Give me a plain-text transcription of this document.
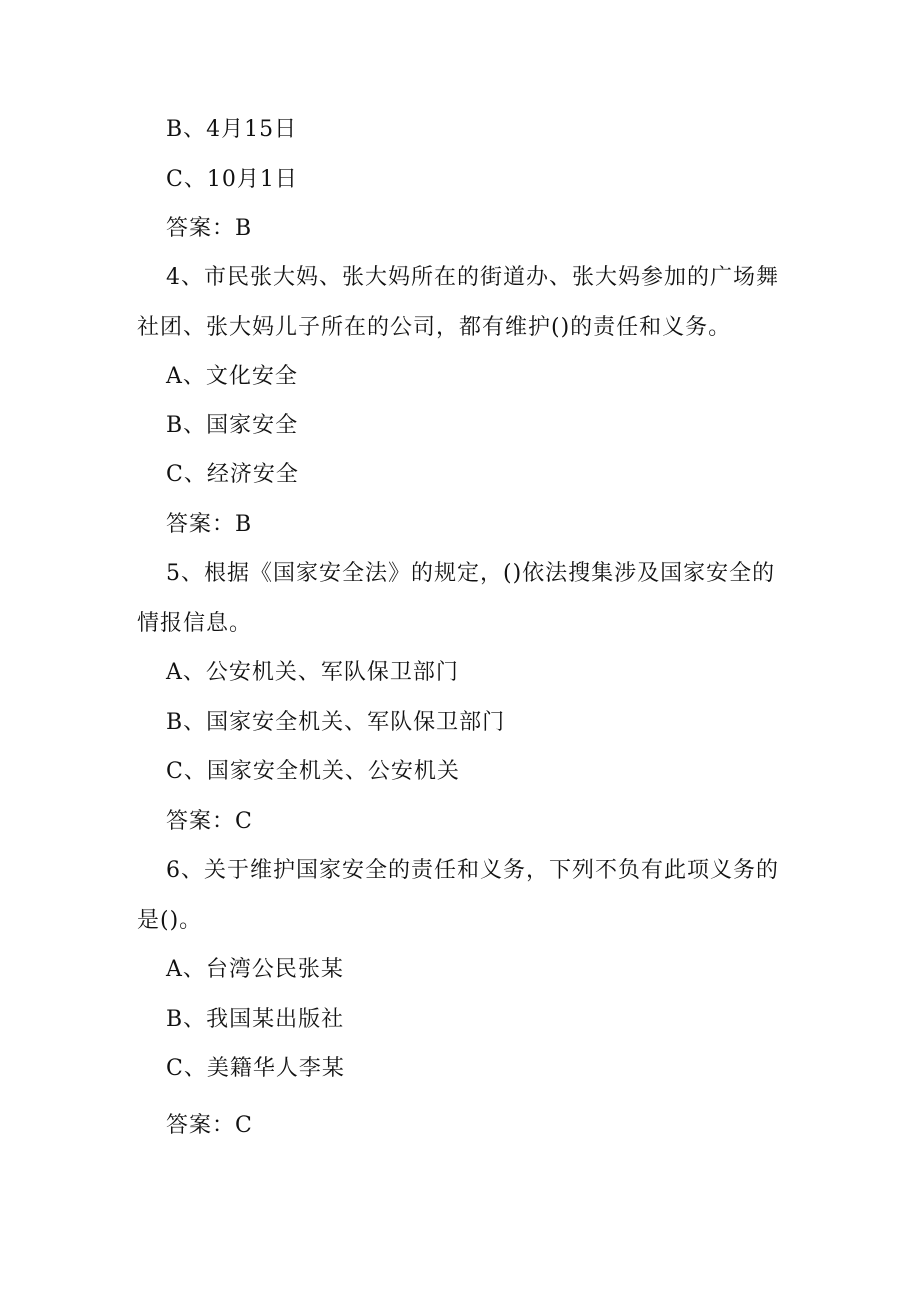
B、4月15日
C、10月1日
答案：B
4、市民张大妈、张大妈所在的街道办、张大妈参加的广场舞
社团、张大妈儿子所在的公司，都有维护()的责任和义务。
A、文化安全
B、国家安全
C、经济安全
答案：B
5、根据《国家安全法》的规定，()依法搜集涉及国家安全的
情报信息。
A、公安机关、军队保卫部门
B、国家安全机关、军队保卫部门
C、国家安全机关、公安机关
答案：C
6、关于维护国家安全的责任和义务，下列不负有此项义务的
是()。
A、台湾公民张某
B、我国某出版社
C、美籍华人李某
答案：C
